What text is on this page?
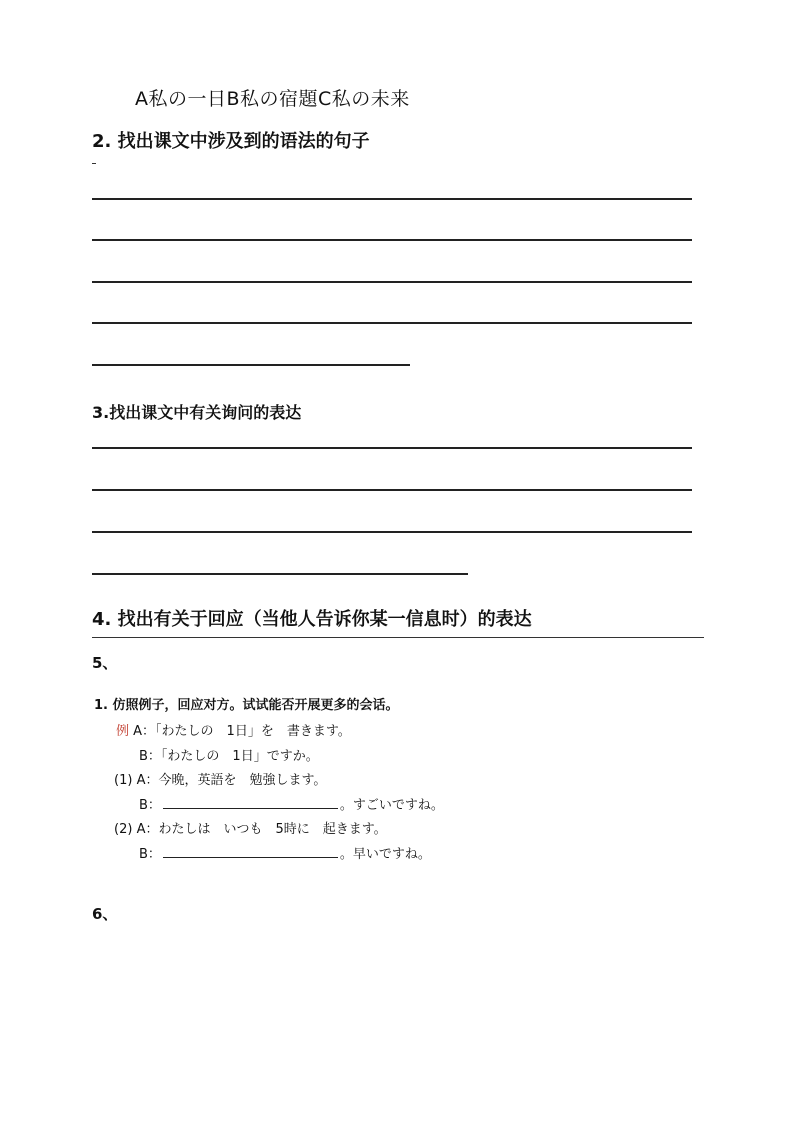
A私の一日B私の宿題C私の未来
2. 找出课文中涉及到的语法的句子
3.找出课文中有关询问的表达
4. 找出有关于回应（当他人告诉你某一信息时）的表达
5、
1. 仿照例子，回应对方。试试能否开展更多的会话。
例 A：「わたしの　1日」を　書きます。
B：「わたしの　1日」ですか。
(1) A：今晩，英語を　勉強します。
B：	。すごいですね。
(2) A：わたしは　いつも　5時に　起きます。
B：	。早いですね。
6、
